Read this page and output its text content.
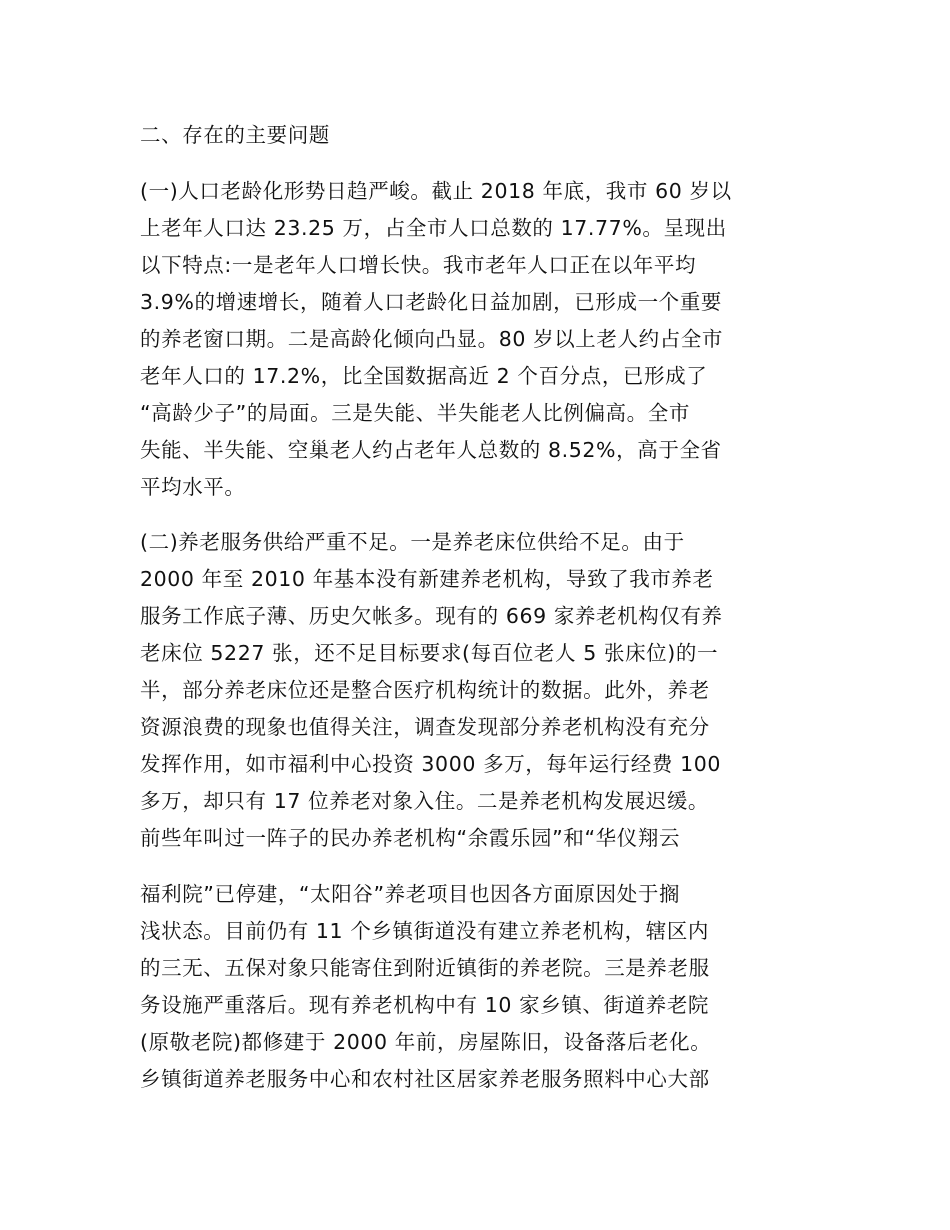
二、存在的主要问题
(一)人口老龄化形势日趋严峻。截止 2018 年底，我市 60 岁以
上老年人口达 23.25 万，占全市人口总数的 17.77%。呈现出
以下特点:一是老年人口增长快。我市老年人口正在以年平均
3.9%的增速增长，随着人口老龄化日益加剧，已形成一个重要
的养老窗口期。二是高龄化倾向凸显。80 岁以上老人约占全市
老年人口的 17.2%，比全国数据高近 2 个百分点，已形成了
“高龄少子”的局面。三是失能、半失能老人比例偏高。全市
失能、半失能、空巢老人约占老年人总数的 8.52%，高于全省
平均水平。
(二)养老服务供给严重不足。一是养老床位供给不足。由于
2000 年至 2010 年基本没有新建养老机构，导致了我市养老
服务工作底子薄、历史欠帐多。现有的 669 家养老机构仅有养
老床位 5227 张，还不足目标要求(每百位老人 5 张床位)的一
半，部分养老床位还是整合医疗机构统计的数据。此外，养老
资源浪费的现象也值得关注，调查发现部分养老机构没有充分
发挥作用，如市福利中心投资 3000 多万，每年运行经费 100
多万，却只有 17 位养老对象入住。二是养老机构发展迟缓。
前些年叫过一阵子的民办养老机构“余霞乐园”和“华仪翔云
福利院”已停建，“太阳谷”养老项目也因各方面原因处于搁
浅状态。目前仍有 11 个乡镇街道没有建立养老机构，辖区内
的三无、五保对象只能寄住到附近镇街的养老院。三是养老服
务设施严重落后。现有养老机构中有 10 家乡镇、街道养老院
(原敬老院)都修建于 2000 年前，房屋陈旧，设备落后老化。
乡镇街道养老服务中心和农村社区居家养老服务照料中心大部
